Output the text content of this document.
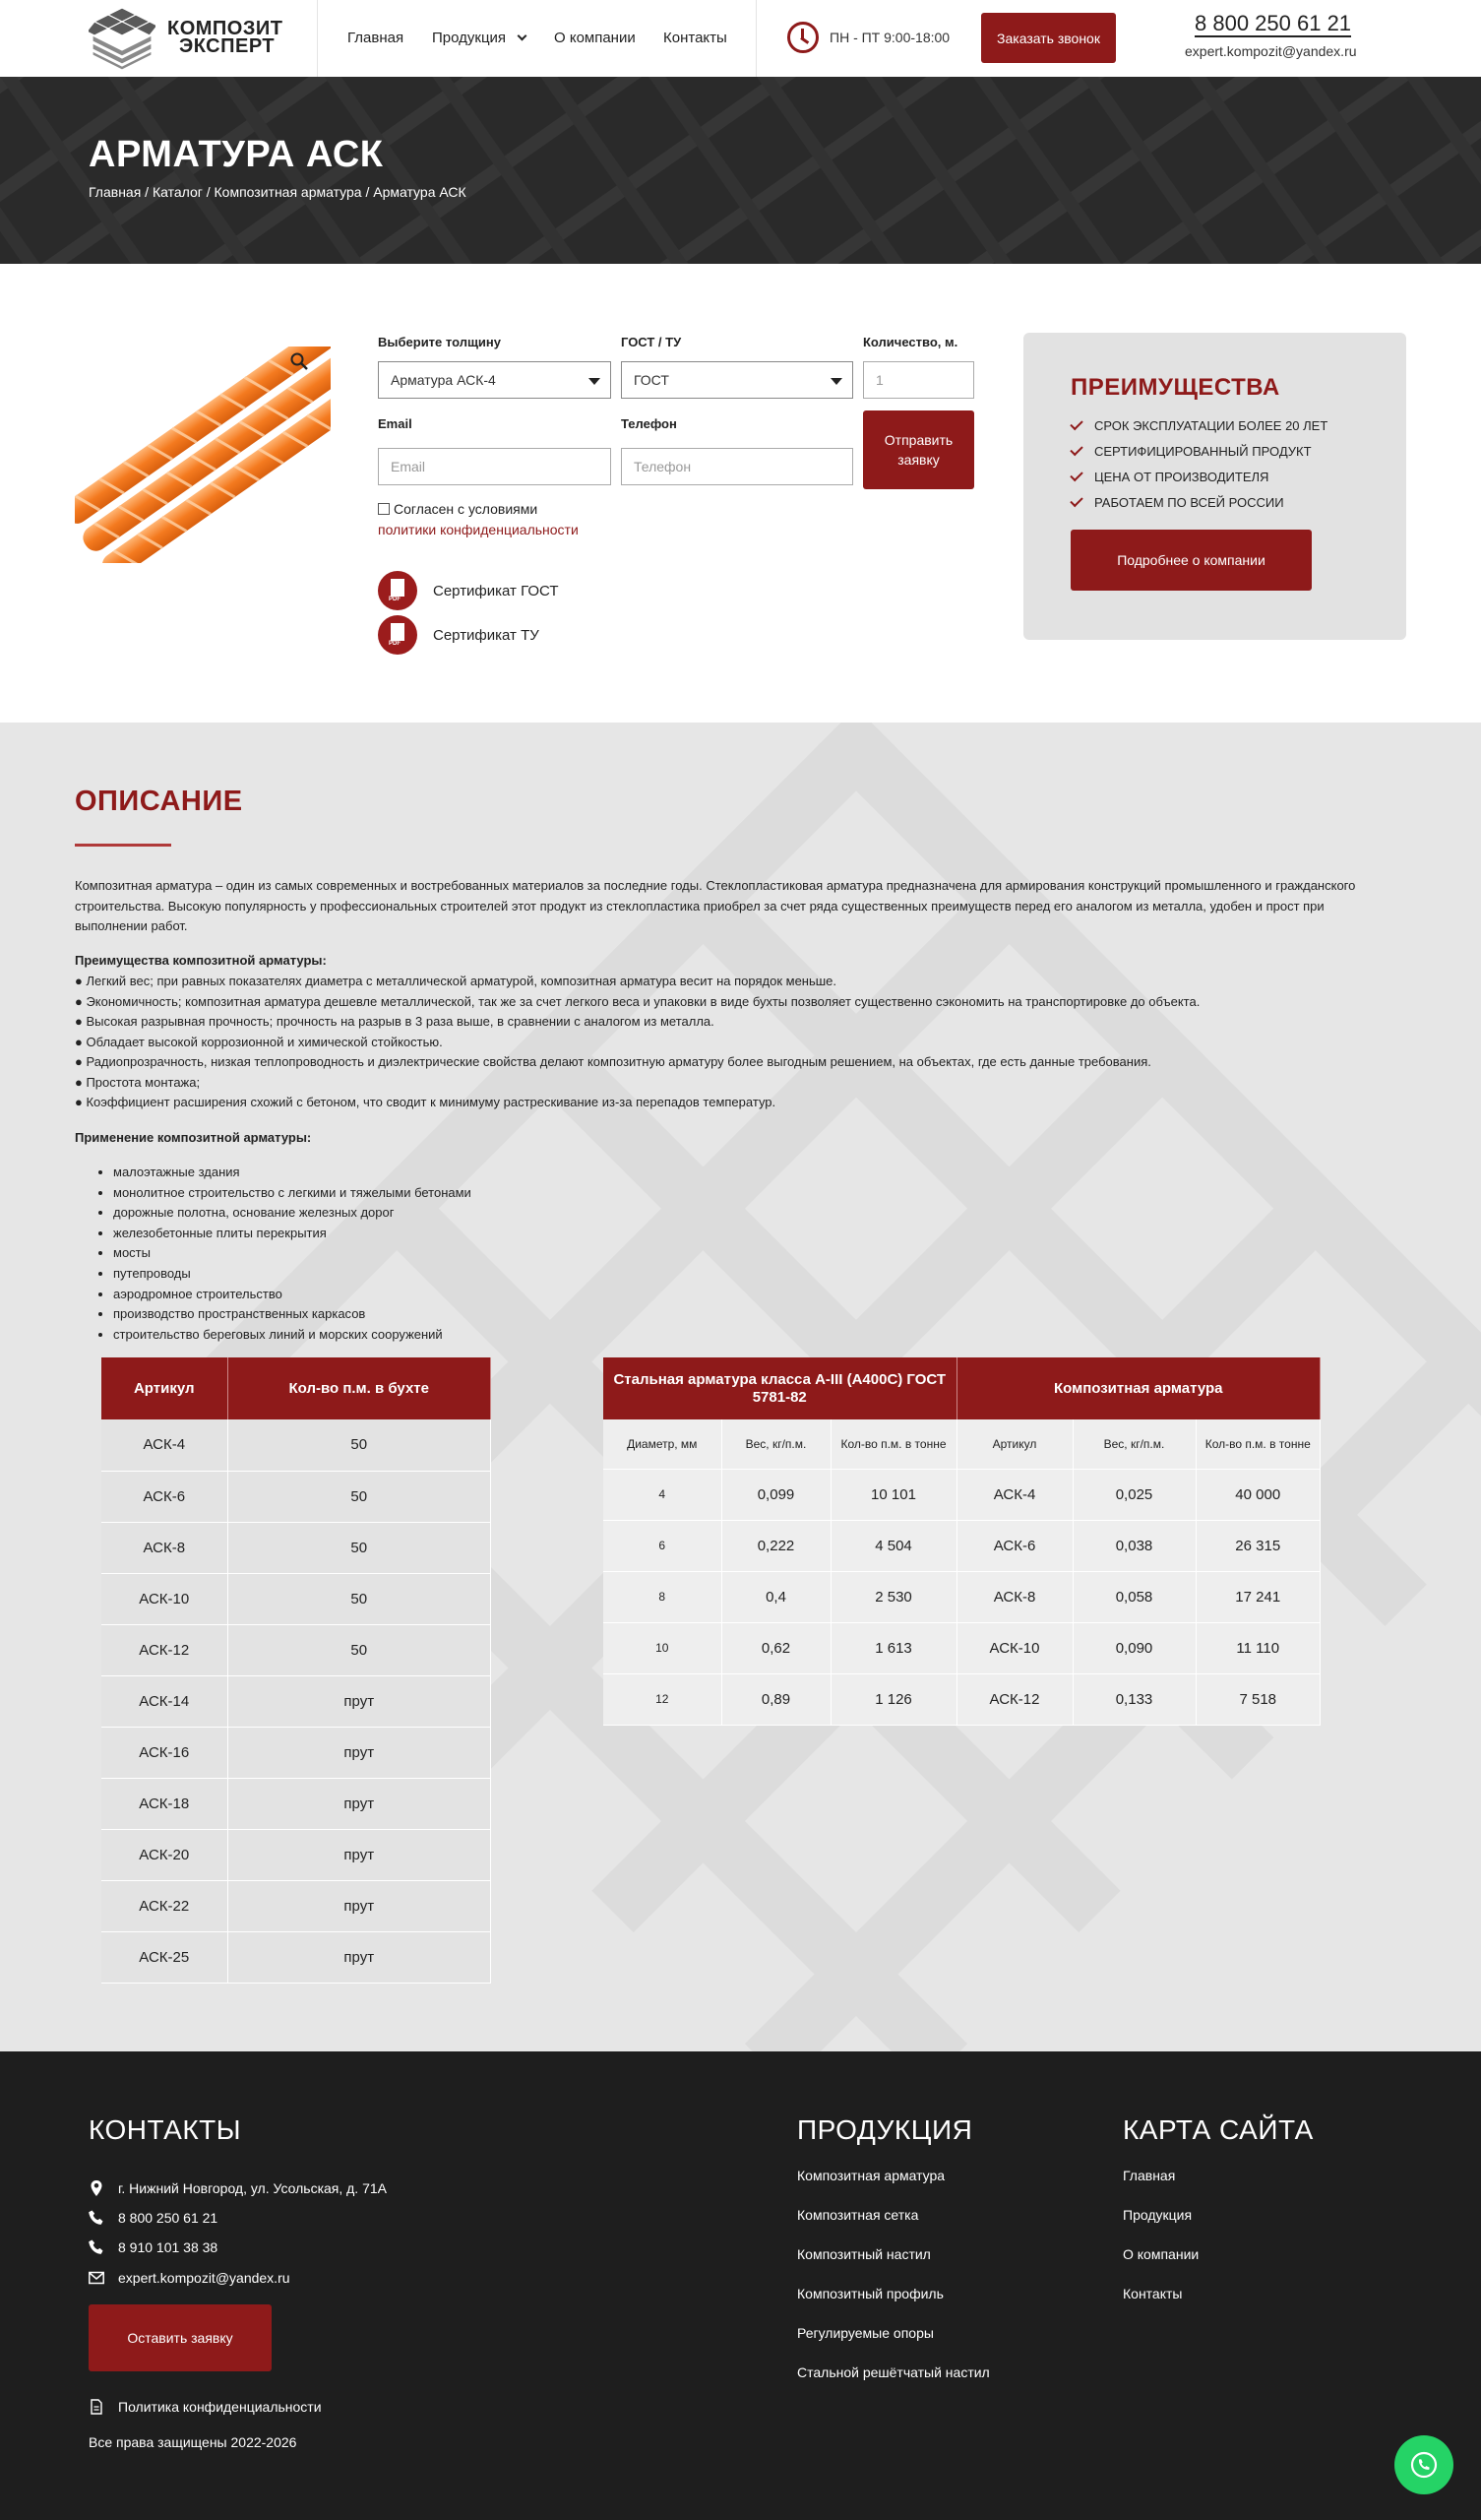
КОМПОЗИТ
ЭКСПЕРТ	Главная Продукция	О компании Контакты	ПН - ПТ 9:00-18:00	Заказать звонок
8 800 250 61 21
expert.kompozit@yandex.ru
АРМАТУРА АСК
Главная / Каталог / Композитная арматура / Арматура АСК
Выберите толщину
Арматура АСК-4
ГОСТ / ТУ
ГОСТ
Количество, м.
1
Email
Email
Телефон
Телефон
Отправить заявку
Согласен с условиями
политики конфиденциальности
PDF
Сертификат ГОСТ
PDF
Сертификат ТУ
ПРЕИМУЩЕСТВА
СРОК ЭКСПЛУАТАЦИИ БОЛЕЕ 20 ЛЕТ
СЕРТИФИЦИРОВАННЫЙ ПРОДУКТ
ЦЕНА ОТ ПРОИЗВОДИТЕЛЯ
РАБОТАЕМ ПО ВСЕЙ РОССИИ
Подробнее о компании
ОПИСАНИЕ
Композитная арматура – один из самых современных и востребованных материалов за последние годы. Стеклопластиковая арматура предназначена для армирования конструкций промышленного и гражданского строительства. Высокую популярность у профессиональных строителей этот продукт из стеклопластика приобрел за счет ряда существенных преимуществ перед его аналогом из металла, удобен и прост при выполнении работ.
Преимущества композитной арматуры:
● Легкий вес; при равных показателях диаметра с металлической арматурой, композитная арматура весит на порядок меньше.
● Экономичность; композитная арматура дешевле металлической, так же за счет легкого веса и упаковки в виде бухты позволяет существенно сэкономить на транспортировке до объекта.
● Высокая разрывная прочность; прочность на разрыв в 3 раза выше, в сравнении с аналогом из металла.
● Обладает высокой коррозионной и химической стойкостью.
● Радиопрозрачность, низкая теплопроводность и диэлектрические свойства делают композитную арматуру более выгодным решением, на объектах, где есть данные требования.
● Простота монтажа;
● Коэффициент расширения схожий с бетоном, что сводит к минимуму растрескивание из-за перепадов температур.
Применение композитной арматуры:
• малоэтажные здания
• монолитное строительство с легкими и тяжелыми бетонами
• дорожные полотна, основание железных дорог
• железобетонные плиты перекрытия
• мосты
• путепроводы
• аэродромное строительство
• производство пространственных каркасов
• строительство береговых линий и морских сооружений
Артикул	Кол-во п.м. в бухте
АСК-4	50
АСК-6	50
АСК-8	50
АСК-10	50
АСК-12	50
АСК-14	прут
АСК-16	прут
АСК-18	прут
АСК-20	прут
АСК-22	прут
АСК-25	прут
Стальная арматура класса А-III (А400С) ГОСТ 5781-82			Композитная арматура		
Диаметр, мм	Вес, кг/п.м.	Кол-во п.м. в тонне	Артикул	Вес, кг/п.м.	Кол-во п.м. в тонне
4	0,099	10 101	АСК-4	0,025	40 000
6	0,222	4 504	АСК-6	0,038	26 315
8	0,4	2 530	АСК-8	0,058	17 241
10	0,62	1 613	АСК-10	0,090	11 110
12	0,89	1 126	АСК-12	0,133	7 518
КОНТАКТЫ
г. Нижний Новгород, ул. Усольская, д. 71А
8 800 250 61 21
8 910 101 38 38
expert.kompozit@yandex.ru
Оставить заявку
Политика конфиденциальности
Все права защищены 2022-2026
ПРОДУКЦИЯ
Композитная арматура
Композитная сетка
Композитный настил
Композитный профиль
Регулируемые опоры
Стальной решётчатый настил
КАРТА САЙТА
Главная
Продукция
О компании
Контакты
